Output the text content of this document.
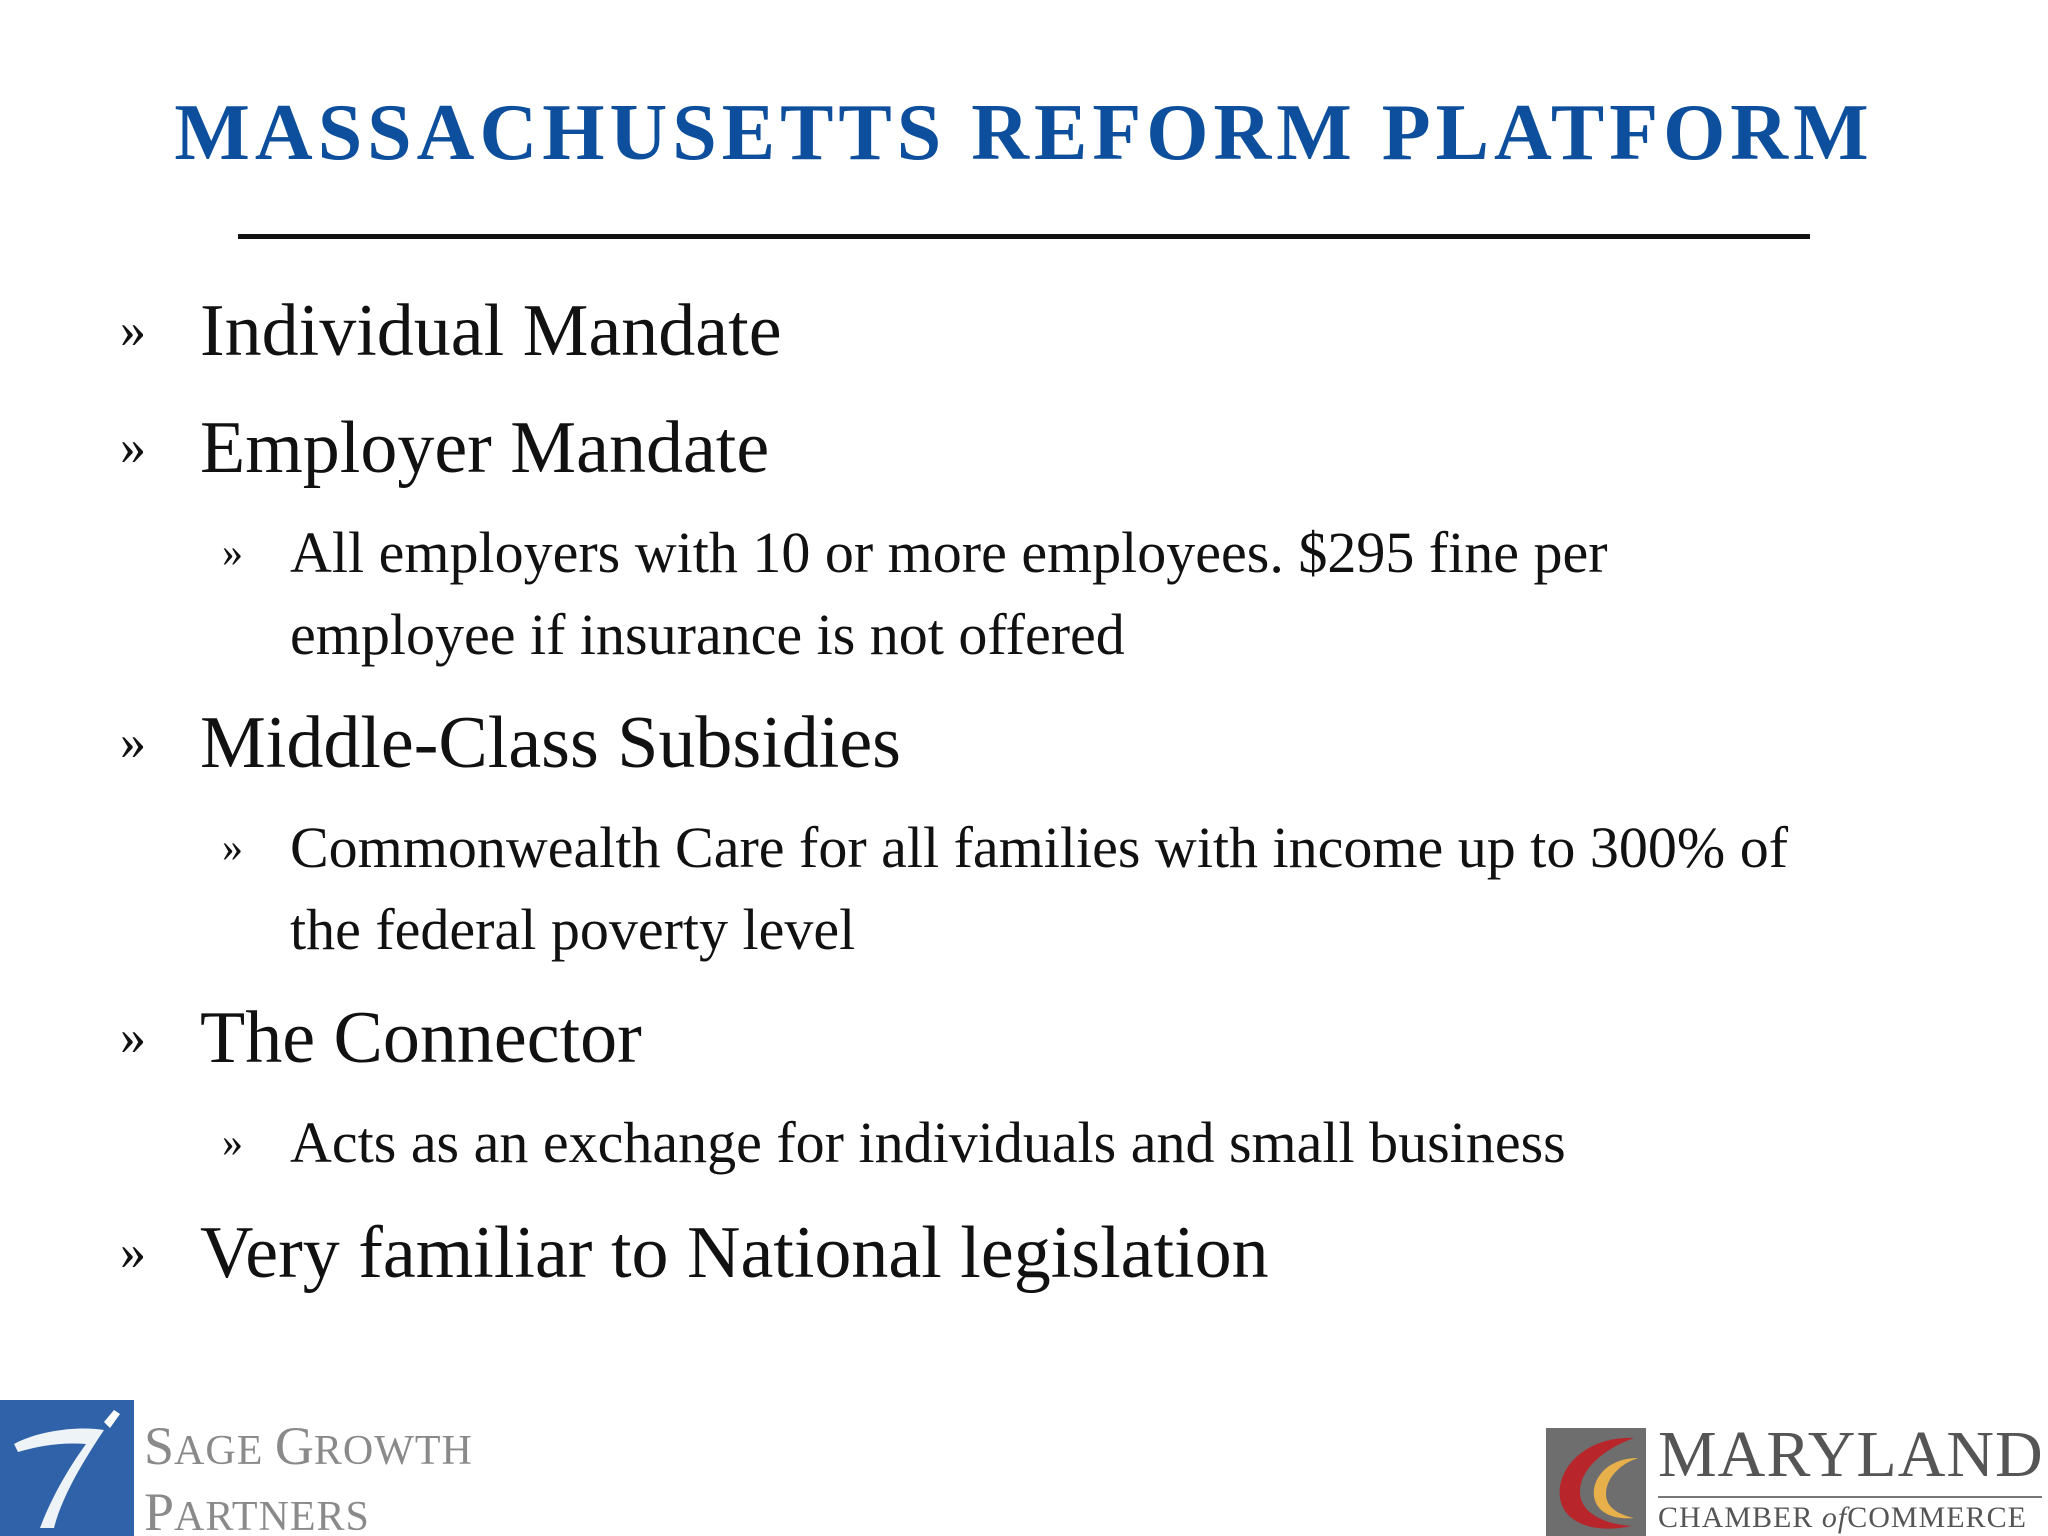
MASSACHUSETTS REFORM PLATFORM
» Individual Mandate
» Employer Mandate
» All employers with 10 or more employees. $295 fine per employee if insurance is not offered
» Middle-Class Subsidies
» Commonwealth Care for all families with income up to 300% of the federal poverty level
» The Connector
» Acts as an exchange for individuals and small business
» Very familiar to National legislation
SAGE GROWTH
PARTNERS
MARYLAND
CHAMBER ofCOMMERCE
